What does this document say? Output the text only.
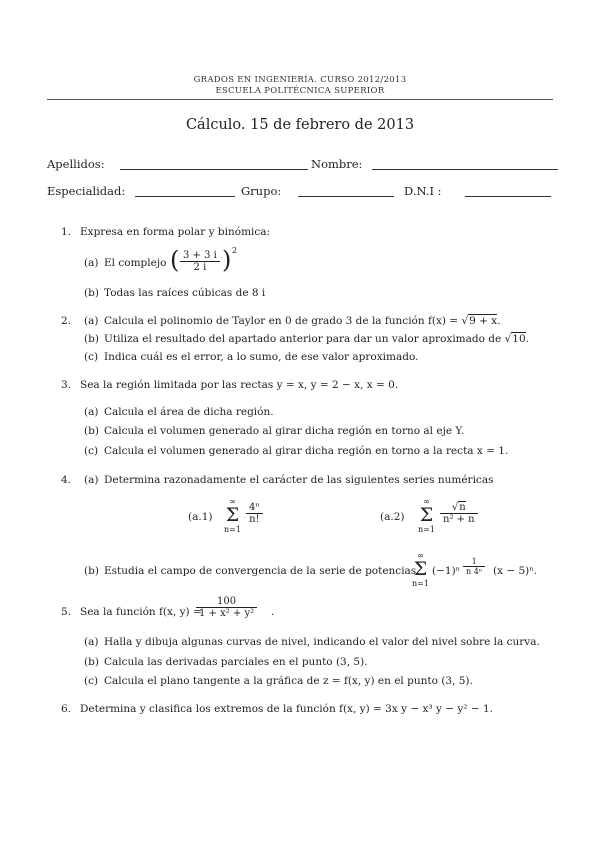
GRADOS EN INGENIERÍA. CURSO 2012/2013
ESCUELA POLITÉCNICA SUPERIOR
Cálculo. 15 de febrero de 2013
Apellidos:	Nombre:
Especialidad:	Grupo:	D.N.I :
1. Expresa en forma polar y binómica:
(a) El complejo ( $\frac{3 + 3 i}{2 i}$ ) 2
(b) Todas las raíces cúbicas de 8 i
2. (a) Calcula el polinomio de Taylor en 0 de grado 3 de la función f(x) = √9 + x.
(b) Utiliza el resultado del apartado anterior para dar un valor aproximado de √10.
(c) Indica cuál es el error, a lo sumo, de ese valor aproximado.
3. Sea la región limitada por las rectas y = x, y = 2 − x, x = 0.
(a) Calcula el área de dicha región.
(b) Calcula el volumen generado al girar dicha región en torno al eje Y.
(c) Calcula el volumen generado al girar dicha región en torno a la recta x = 1.
4. (a) Determina razonadamente el carácter de las siguientes series numéricas
(a.1)
∞
Σ
n=1
$\frac{\text{4ⁿ}}{n!}$	(a.2)
∞
Σ
n=1
$\frac{√n}{\text{n² + n}}$
(b) Estudia el campo de convergencia de la serie de potencias
∞
Σ
n=1
$(-1)^n \frac{1}{\text{n 4ⁿ}} (x - 5)^n$.
5. Sea la función f(x, y) =
$\frac{100}{\text{1 + x² + y²}}$ .
(a) Halla y dibuja algunas curvas de nivel, indicando el valor del nivel sobre la curva.
(b) Calcula las derivadas parciales en el punto (3, 5).
(c) Calcula el plano tangente a la gráfica de z = f(x, y) en el punto (3, 5).
6. Determina y clasifica los extremos de la función f(x, y) = 3x y − x³ y − y² − 1.
